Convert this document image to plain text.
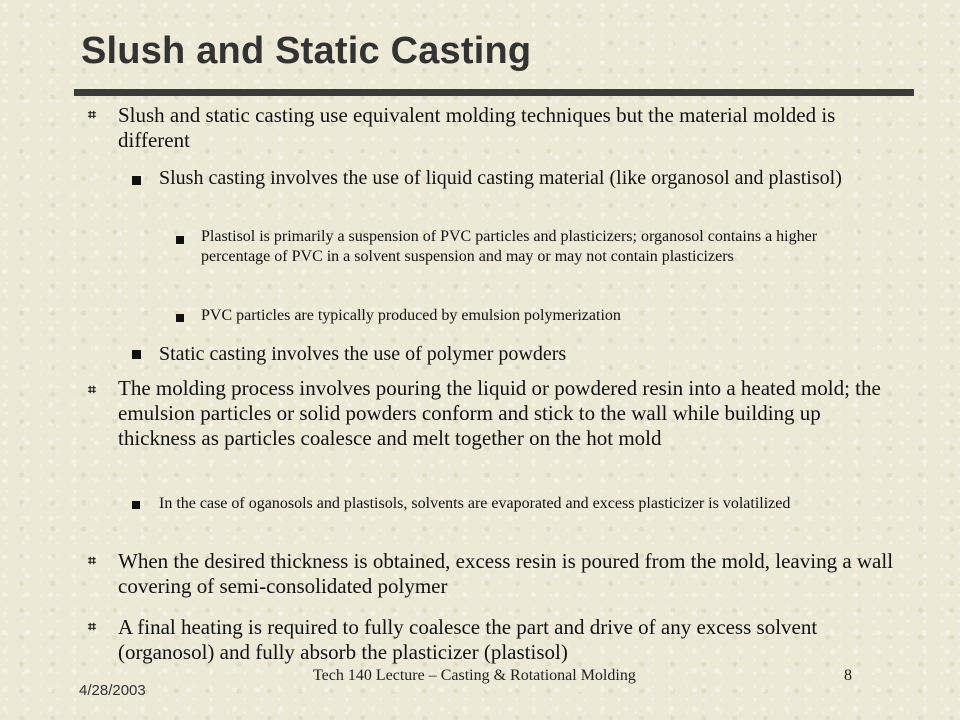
Slush and Static Casting
⌗ Slush and static casting use equivalent molding techniques but the material molded is different
Slush casting involves the use of liquid casting material (like organosol and plastisol)
Plastisol is primarily a suspension of PVC particles and plasticizers; organosol contains a higher percentage of PVC in a solvent suspension and may or may not contain plasticizers
PVC particles are typically produced by emulsion polymerization
Static casting involves the use of polymer powders
⌗ The molding process involves pouring the liquid or powdered resin into a heated mold; the emulsion particles or solid powders conform and stick to the wall while building up thickness as particles coalesce and melt together on the hot mold
In the case of oganosols and plastisols, solvents are evaporated and excess plasticizer is volatilized
⌗ When the desired thickness is obtained, excess resin is poured from the mold, leaving a wall covering of semi-consolidated polymer
⌗ A final heating is required to fully coalesce the part and drive of any excess solvent (organosol) and fully absorb the plasticizer (plastisol)
4/28/2003
Tech 140 Lecture – Casting & Rotational Molding	8
